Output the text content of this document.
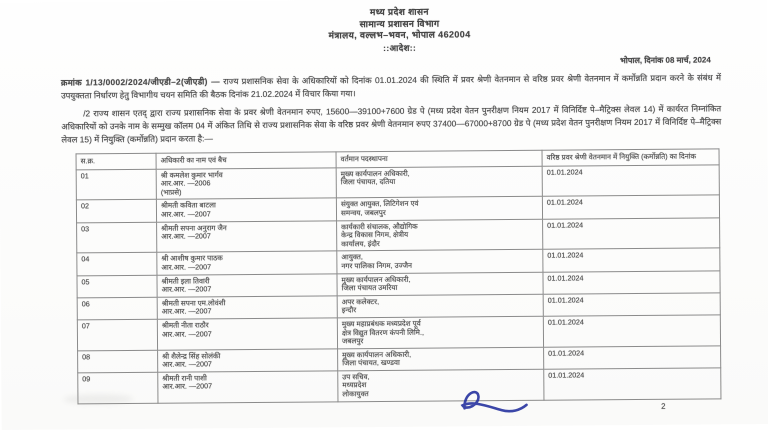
मध्य प्रदेश शासन
सामान्य प्रशासन विभाग
मंत्रालय, वल्लभ–भवन, भोपाल 462004
::आदेश::
भोपाल, दिनांक 08 मार्च, 2024

क्रमांक 1/13/0002/2024/जीएडी–2(जीएडी) — राज्य प्रशासनिक सेवा के अधिकारियों को दिनांक 01.01.2024 की स्थिति में प्रवर श्रेणी वेतनमान से वरिष्ठ प्रवर श्रेणी वेतनमान में कर्मोन्नति प्रदान करने के संबंध में उपयुक्तता निर्धारण हेतु विभागीय चयन समिति की बैठक दिनांक 21.02.2024 में विचार किया गया।

/2 राज्य शासन एतद् द्वारा राज्य प्रशासनिक सेवा के प्रवर श्रेणी वेतनमान रुपए, 15600—39100+7600 ग्रेड पे (मध्य प्रदेश वेतन पुनरीक्षण नियम 2017 में विनिर्दिष्ट पे–मैट्रिक्स लेवल 14) में कार्यरत निम्नांकित अधिकारियों को उनके नाम के सम्मुख कॉलम 04 में अंकित तिथि से राज्य प्रशासनिक सेवा के वरिष्ठ प्रवर श्रेणी वेतनमान रुपए 37400—67000+8700 ग्रेड पे (मध्य प्रदेश वेतन पुनरीक्षण नियम 2017 में विनिर्दिष्ट पे–मैट्रिक्स लेवल 15) में नियुक्ति (कर्मोन्नति) प्रदान करता है:—

स.क्र.	अधिकारी का नाम एवं बैच	वर्तमान पदस्थापना	वरिष्ठ प्रवर श्रेणी वेतनमान में नियुक्ति (कर्मोन्नति) का दिनांक
01	श्री कमलेश कुमार भार्गव
आर.आर. —2006
(भाप्रसे)	मुख्य कार्यपालन अधिकारी,
जिला पंचायत, दतिया	01.01.2024
02	श्रीमती कविता बाटला
आर.आर. —2007	संयुक्त आयुक्त, लिटिगेशन एवं
समन्वय, जबलपुर	01.01.2024
03	श्रीमती सपना अनुराग जैन
आर.आर. —2007	कार्यकारी संचालक, औद्योगिक
केन्द्र विकास निगम, क्षेत्रीय
कार्यालय, इंदौर	01.01.2024
04	श्री आशीष कुमार पाठक
आर.आर. —2007	आयुक्त,
नगर पालिका निगम, उज्जैन	01.01.2024
05	श्रीमती इला तिवारी
आर.आर. —2007	मुख्य कार्यपालन अधिकारी,
जिला पंचायत उमरिया	01.01.2024
06	श्रीमती सपना एम.लोवंशी
आर.आर. —2007	अपर कलेक्टर,
इन्दौर	01.01.2024
07	श्रीमती नीता राठौर
आर.आर. —2007	मुख्य महाप्रबंधक मध्यप्रदेश पूर्व
क्षेत्र विद्युत वितरण कंपनी लिमि.,
जबलपुर	01.01.2024
08	श्री शैलेन्द्र सिंह सोलंकी
आर.आर. —2007	मुख्य कार्यपालन अधिकारी,
जिला पंचायत, खण्डवा	01.01.2024
09	श्रीमती रानी पाशी
आर.आर. —2007	उप सचिव,
मध्यप्रदेश
लोकायुक्त	01.01.2024
2
